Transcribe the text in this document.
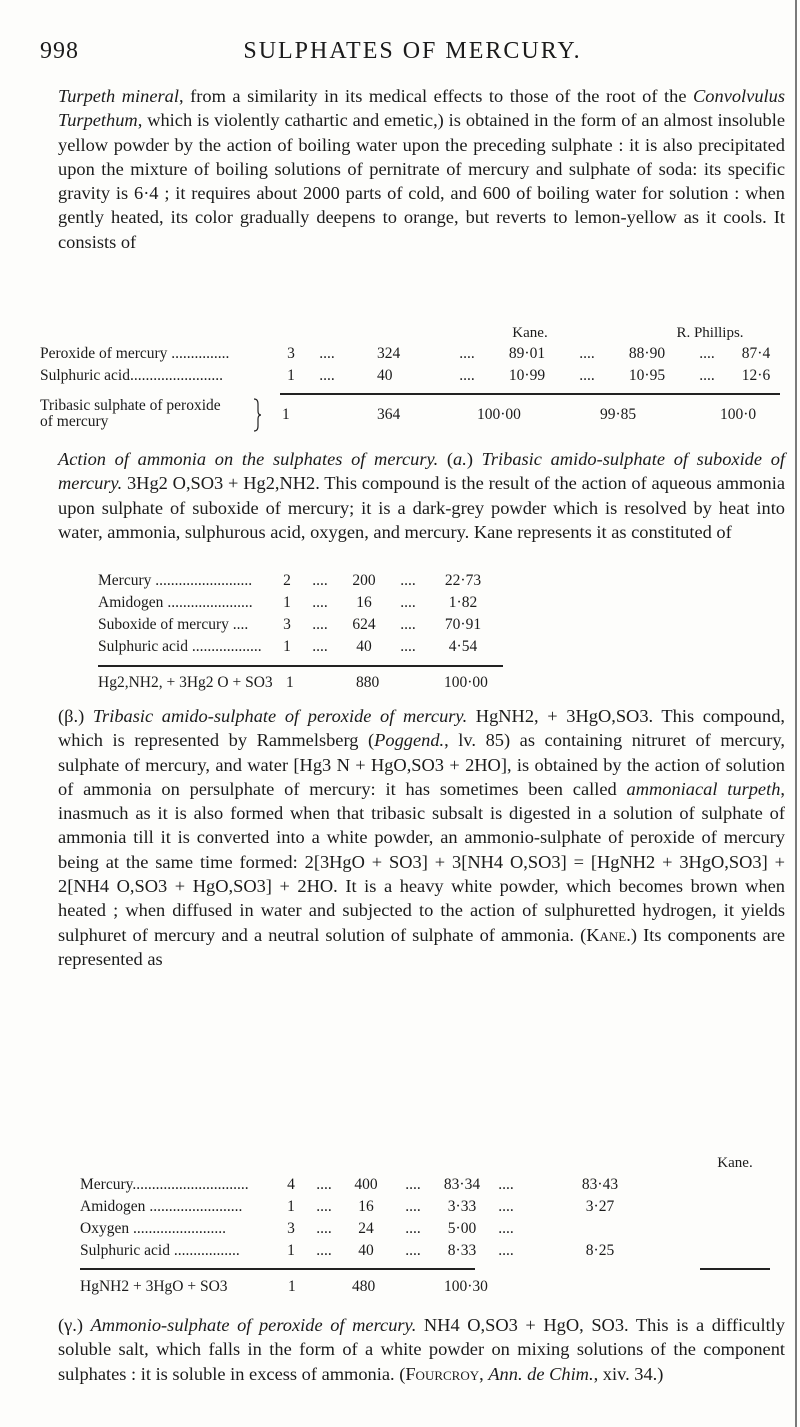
998	SULPHATES OF MERCURY.

Turpeth mineral, from a similarity in its medical effects to those of the root of the Convolvulus Turpethum, which is violently cathartic and emetic,) is obtained in the form of an almost insoluble yellow powder by the action of boiling water upon the preceding sulphate : it is also precipitated upon the mixture of boiling solutions of pernitrate of mercury and sulphate of soda: its specific gravity is 6·4 ; it requires about 2000 parts of cold, and 600 of boiling water for solution : when gently heated, its color gradually deepens to orange, but reverts to lemon-yellow as it cools. It consists of

Kane.	R. Phillips.
Peroxide of mercury ...............	3	....		324	....	89·01	....	88·90	....	87·4
Sulphuric acid........................	1	....		40	....	10·99	....	10·95	....	12·6
Tribasic sulphate of peroxide
of mercury	1	364	100·00	99·85	100·0

Action of ammonia on the sulphates of mercury. (a.) Tribasic amido-sulphate of suboxide of mercury. 3Hg2 O,SO3 + Hg2,NH2. This compound is the result of the action of aqueous ammonia upon sulphate of suboxide of mercury; it is a dark-grey powder which is resolved by heat into water, ammonia, sulphurous acid, oxygen, and mercury. Kane represents it as constituted of

Mercury .........................	2	....	200	....	22·73
Amidogen ......................	1	....	16	....	1·82
Suboxide of mercury ....	3	....	624	....	70·91
Sulphuric acid ..................	1	....	40	....	4·54
Hg2,NH2, + 3Hg2 O + SO3 1	880	100·00

(β.) Tribasic amido-sulphate of peroxide of mercury. HgNH2, + 3HgO,SO3. This compound, which is represented by Rammelsberg (Poggend., lv. 85) as containing nitruret of mercury, sulphate of mercury, and water [Hg3 N + HgO,SO3 + 2HO], is obtained by the action of solution of ammonia on persulphate of mercury: it has sometimes been called ammoniacal turpeth, inasmuch as it is also formed when that tribasic subsalt is digested in a solution of sulphate of ammonia till it is converted into a white powder, an ammonio-sulphate of peroxide of mercury being at the same time formed: 2[3HgO + SO3] + 3[NH4 O,SO3] = [HgNH2 + 3HgO,SO3] + 2[NH4 O,SO3 + HgO,SO3] + 2HO. It is a heavy white powder, which becomes brown when heated ; when diffused in water and subjected to the action of sulphuretted hydrogen, it yields sulphuret of mercury and a neutral solution of sulphate of ammonia. (Kane.) Its components are represented as

Kane.
Mercury..............................	4	....	400	....	83·34	....		83·43
Amidogen ........................	1	....	16	....	3·33	....		3·27
Oxygen ........................	3	....	24	....	5·00	....		
Sulphuric acid .................	1	....	40	....	8·33	....		8·25
HgNH2 + 3HgO + SO3	1	480	100·30

(γ.) Ammonio-sulphate of peroxide of mercury. NH4 O,SO3 + HgO, SO3. This is a difficultly soluble salt, which falls in the form of a white powder on mixing solutions of the component sulphates : it is soluble in excess of ammonia. (Fourcroy, Ann. de Chim., xiv. 34.)
